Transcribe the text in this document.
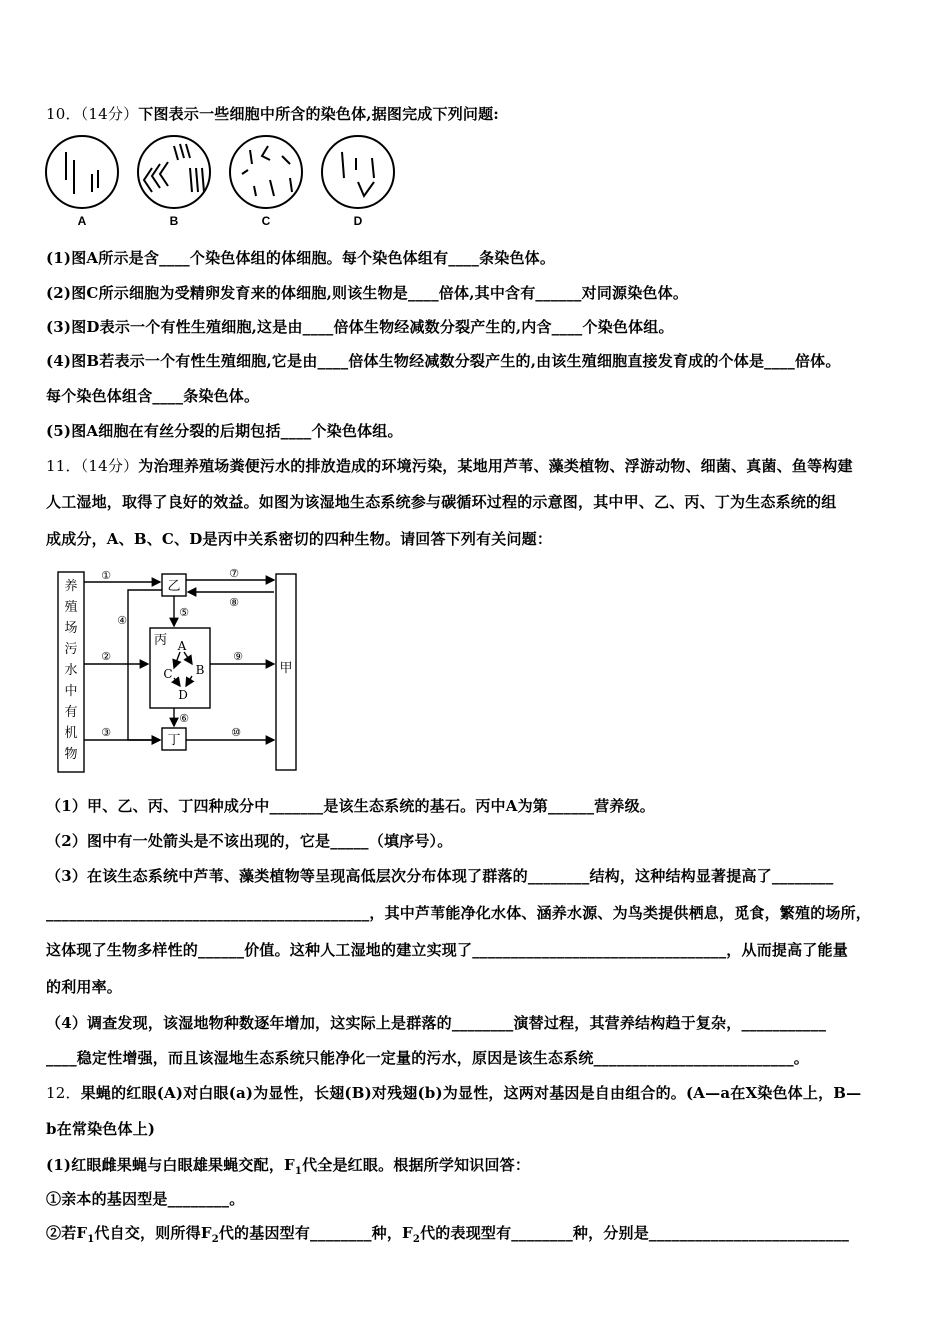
10．（14分）下图表示一些细胞中所含的染色体,据图完成下列问题:
A	B	C	D
(1)图A所示是含____个染色体组的体细胞。每个染色体组有____条染色体。
(2)图C所示细胞为受精卵发育来的体细胞,则该生物是____倍体,其中含有______对同源染色体。
(3)图D表示一个有性生殖细胞,这是由____倍体生物经减数分裂产生的,内含____个染色体组。
(4)图B若表示一个有性生殖细胞,它是由____倍体生物经减数分裂产生的,由该生殖细胞直接发育成的个体是____倍体。
每个染色体组含____条染色体。
(5)图A细胞在有丝分裂的后期包括____个染色体组。
11．（14分）为治理养殖场粪便污水的排放造成的环境污染，某地用芦苇、藻类植物、浮游动物、细菌、真菌、鱼等构建
人工湿地，取得了良好的效益。如图为该湿地生态系统参与碳循环过程的示意图，其中甲、乙、丙、丁为生态系统的组
成成分，A、B、C、D是丙中关系密切的四种生物。请回答下列有关问题：
养殖场污水中有机物
乙
丙
丁
甲
A
B
C
D
①
②
③
④
⑤
⑥
⑦
⑧
⑨
⑩
（1）甲、乙、丙、丁四种成分中_______是该生态系统的基石。丙中A为第______营养级。
（2）图中有一处箭头是不该出现的，它是_____（填序号）。
（3）在该生态系统中芦苇、藻类植物等呈现高低层次分布体现了群落的________结构，这种结构显著提高了________
__________________________________________，其中芦苇能净化水体、涵养水源、为鸟类提供栖息，觅食，繁殖的场所，
这体现了生物多样性的______价值。这种人工湿地的建立实现了_________________________________，从而提高了能量
的利用率。
（4）调查发现，该湿地物种数逐年增加，这实际上是群落的________演替过程，其营养结构趋于复杂，___________
____稳定性增强，而且该湿地生态系统只能净化一定量的污水，原因是该生态系统__________________________。
12．果蝇的红眼(A)对白眼(a)为显性，长翅(B)对残翅(b)为显性，这两对基因是自由组合的。(A—a在X染色体上，B—
b在常染色体上)
(1)红眼雌果蝇与白眼雄果蝇交配，$F_1$代全是红眼。根据所学知识回答：
①亲本的基因型是________。
②若$F_1$代自交，则所得$F_2$代的基因型有________种，$F_2$代的表现型有________种，分别是__________________________
